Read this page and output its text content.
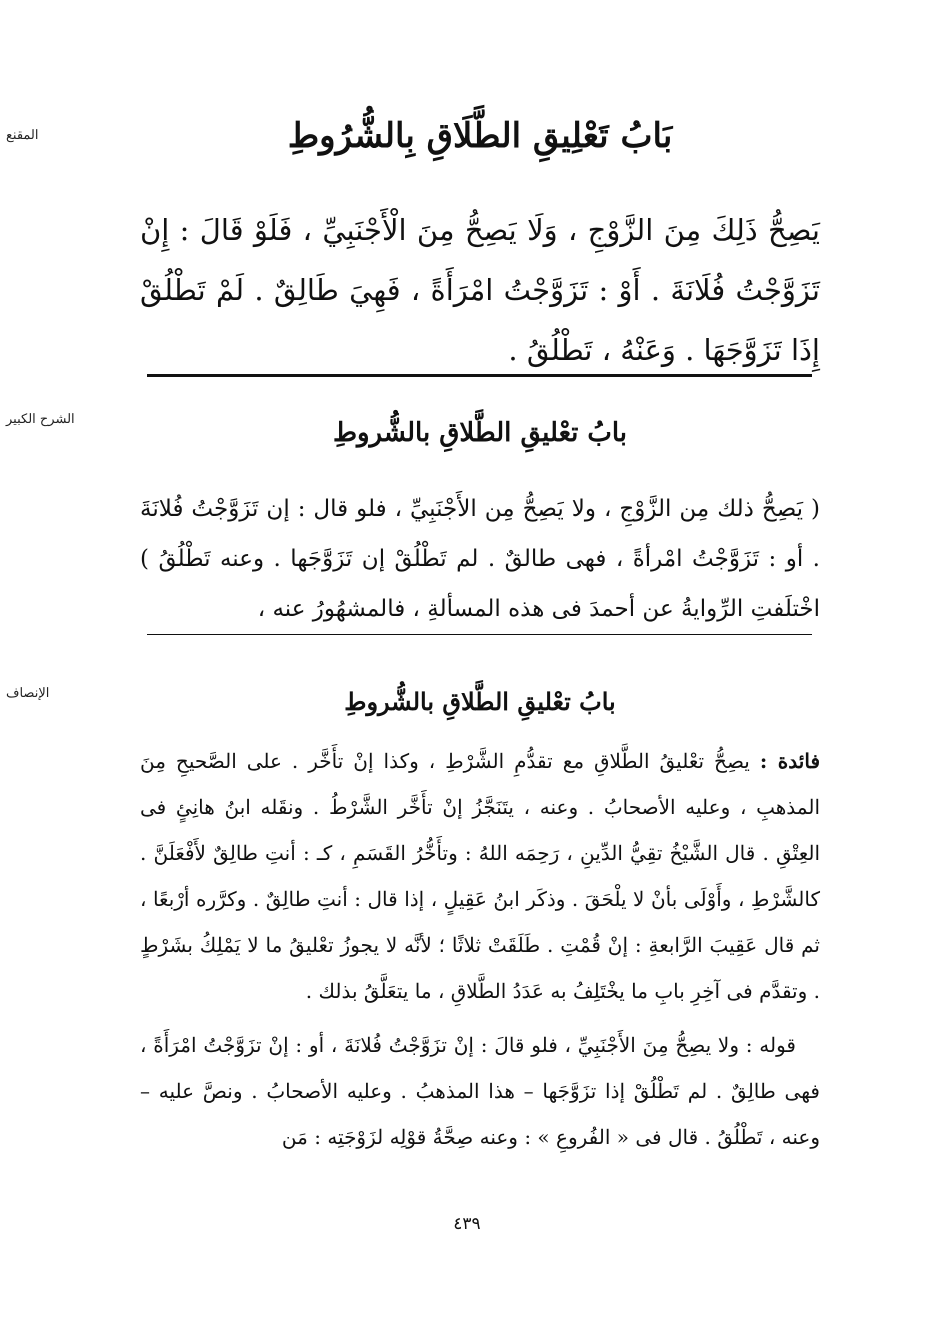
المقنع	بَابُ تَعْلِيقِ الطَّلَاقِ بِالشُّرُوطِ
يَصِحُّ ذَلِكَ مِنَ الزَّوْجِ ، وَلَا يَصِحُّ مِنَ الْأَجْنَبِيِّ ، فَلَوْ قَالَ : إِنْ تَزَوَّجْتُ فُلَانَةَ . أَوْ : تَزَوَّجْتُ امْرَأَةً ، فَهِيَ طَالِقٌ . لَمْ تَطْلُقْ إِذَا تَزَوَّجَهَا . وَعَنْهُ ، تَطْلُقُ .
الشرح الكبير	بابُ تعْليقِ الطَّلاقِ بالشُّروطِ
( يَصِحُّ ذلك مِن الزَّوْجِ ، ولا يَصِحُّ مِن الأَجْنَبِيِّ ، فلو قال : إن تَزَوَّجْتُ فُلانَةَ . أو : تَزَوَّجْتُ امْرأةً ، فهى طالقٌ . لم تَطْلُقْ إن تَزَوَّجَها . وعنه تَطْلُقُ ) اخْتلَفتِ الرِّوايةُ عن أحمدَ فى هذه المسألةِ ، فالمشهُورُ عنه ،
الإنصاف	بابُ تعْليقِ الطَّلاقِ بالشُّروطِ
فائدة : يصِحُّ تعْليقُ الطَّلاقِ مع تقدُّمِ الشَّرْطِ ، وكذا إنْ تأَخَّر . على الصَّحيحِ مِنَ المذهبِ ، وعليه الأصحابُ . وعنه ، يتَنَجَّزُ إنْ تأَخَّر الشَّرْطُ . ونقَله ابنُ هانِئٍ فى العِتْقِ . قال الشَّيْخُ تقِيُّ الدِّينِ ، رَحِمَه اللهُ : وتأَخُّرُ القَسَمِ ، كـ : أنتِ طالِقٌ لأَفْعَلَنَّ . كالشَّرْطِ ، وأَوْلَى بأنْ لا يلْحَقَ . وذكَر ابنُ عَقِيلٍ ، إذا قال : أنتِ طالِقٌ . وكرَّره أرْبعًا ، ثم قال عَقِيبَ الرَّابعةِ : إنْ قُمْتِ . طَلَقَتْ ثلاثًا ؛ لأنَّه لا يجوزُ تعْليقُ ما لا يَمْلِكُ بشَرْطٍ . وتقدَّم فى آخِرِ بابِ ما يخْتَلِفُ به عَدَدُ الطَّلاقِ ، ما يتعَلَّقُ بذلك .
قوله : ولا يصِحُّ مِنَ الأَجْنَبِيِّ ، فلو قالَ : إنْ تزَوَّجْتُ فُلانَةَ ، أو : إنْ تزَوَّجْتُ امْرَأَةً ، فهى طالِقٌ . لم تَطْلُقْ إذا تزَوَّجَها – هذا المذهبُ . وعليه الأصحابُ . ونصَّ عليه – وعنه ، تَطْلُقُ . قال فى « الفُروعِ » : وعنه صِحَّةُ قوْلِه لزَوْجَتِه : مَن
٤٣٩
